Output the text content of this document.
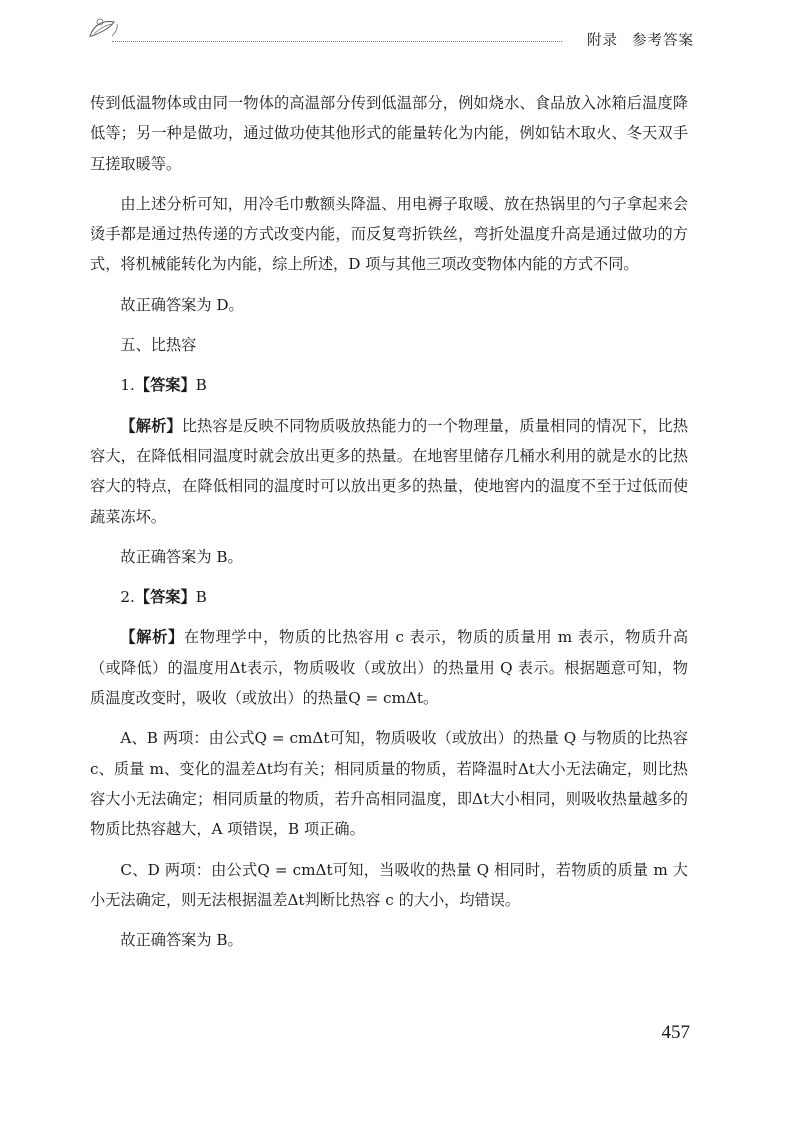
附录 参考答案

传到低温物体或由同一物体的高温部分传到低温部分，例如烧水、食品放入冰箱后温度降低等；另一种是做功，通过做功使其他形式的能量转化为内能，例如钻木取火、冬天双手互搓取暖等。

由上述分析可知，用冷毛巾敷额头降温、用电褥子取暖、放在热锅里的勺子拿起来会烫手都是通过热传递的方式改变内能，而反复弯折铁丝，弯折处温度升高是通过做功的方式，将机械能转化为内能，综上所述，D 项与其他三项改变物体内能的方式不同。

故正确答案为 D。

五、比热容

1.【答案】B

【解析】比热容是反映不同物质吸放热能力的一个物理量，质量相同的情况下，比热容大，在降低相同温度时就会放出更多的热量。在地窖里储存几桶水利用的就是水的比热容大的特点，在降低相同的温度时可以放出更多的热量，使地窖内的温度不至于过低而使蔬菜冻坏。

故正确答案为 B。

2.【答案】B

【解析】在物理学中，物质的比热容用 c 表示，物质的质量用 m 表示，物质升高（或降低）的温度用Δt表示，物质吸收（或放出）的热量用 Q 表示。根据题意可知，物质温度改变时，吸收（或放出）的热量Q = cmΔt。

A、B 两项：由公式Q = cmΔt可知，物质吸收（或放出）的热量 Q 与物质的比热容 c、质量 m、变化的温差Δt均有关；相同质量的物质，若降温时Δt大小无法确定，则比热容大小无法确定；相同质量的物质，若升高相同温度，即Δt大小相同，则吸收热量越多的物质比热容越大，A 项错误，B 项正确。

C、D 两项：由公式Q = cmΔt可知，当吸收的热量 Q 相同时，若物质的质量 m 大小无法确定，则无法根据温差Δt判断比热容 c 的大小，均错误。

故正确答案为 B。

457
